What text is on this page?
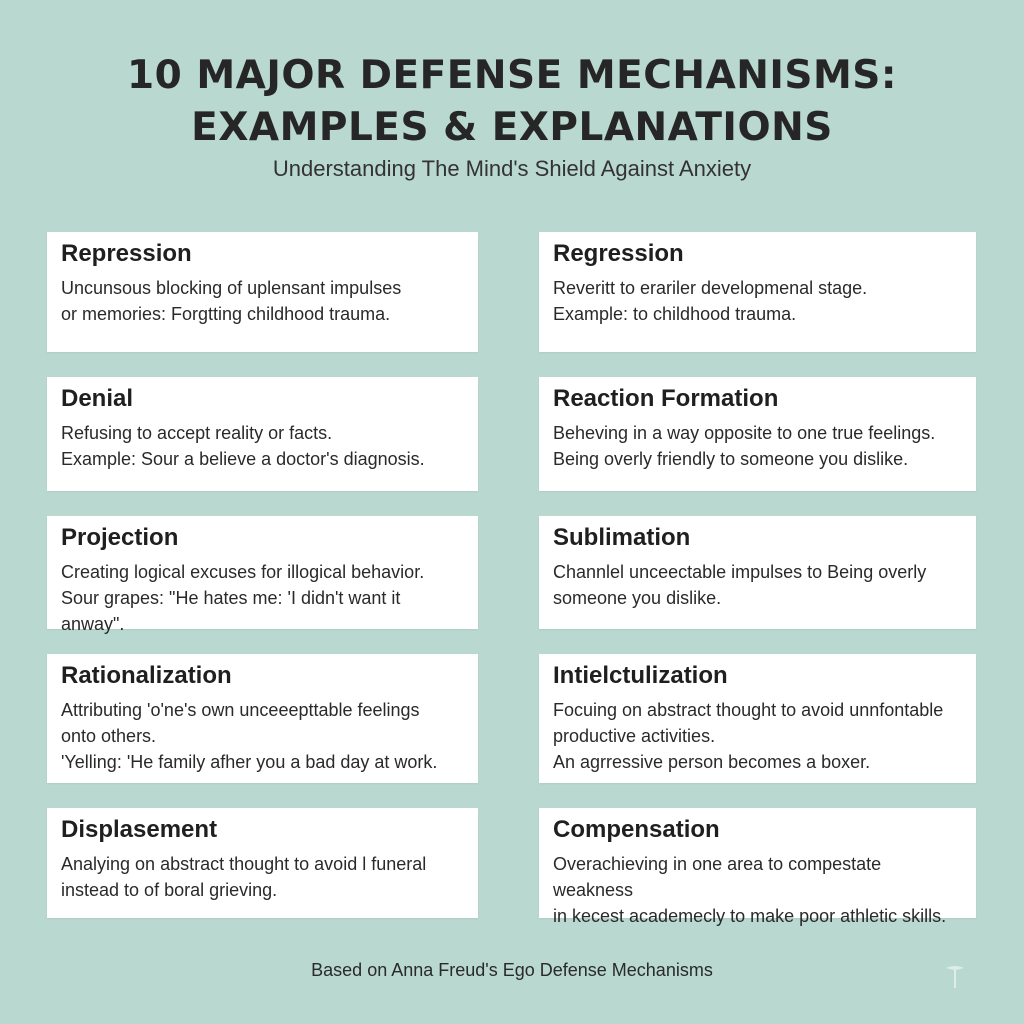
10 MAJOR DEFENSE MECHANISMS:
EXAMPLES & EXPLANATIONS
Understanding The Mind's Shield Against Anxiety
Repression
Uncunsous blocking of uplensant impulses
or memories: Forgtting childhood trauma.
Regression
Reveritt to erariler developmenal stage.
Example: to childhood trauma.
Denial
Refusing to accept reality or facts.
Example: Sour a believe a doctor's diagnosis.
Reaction Formation
Beheving in a way opposite to one true feelings.
Being overly friendly to someone you dislike.
Projection
Creating logical excuses for illogical behavior.
Sour grapes: "He hates me: 'I didn't want it anway".
Sublimation
Channlel unceectable impulses to Being overly
someone you dislike.
Rationalization
Attributing 'o'ne's own unceeepttable feelings
onto others.
'Yelling: 'He family afher you a bad day at work.
Intielctulization
Focuing on abstract thought to avoid unnfontable
productive activities.
An agrressive person becomes a boxer.
Displasement
Analying on abstract thought to avoid l funeral
instead to of boral grieving.
Compensation
Overachieving in one area to compestate weakness
in kecest academecly to make poor athletic skills.
Based on Anna Freud's Ego Defense Mechanisms
